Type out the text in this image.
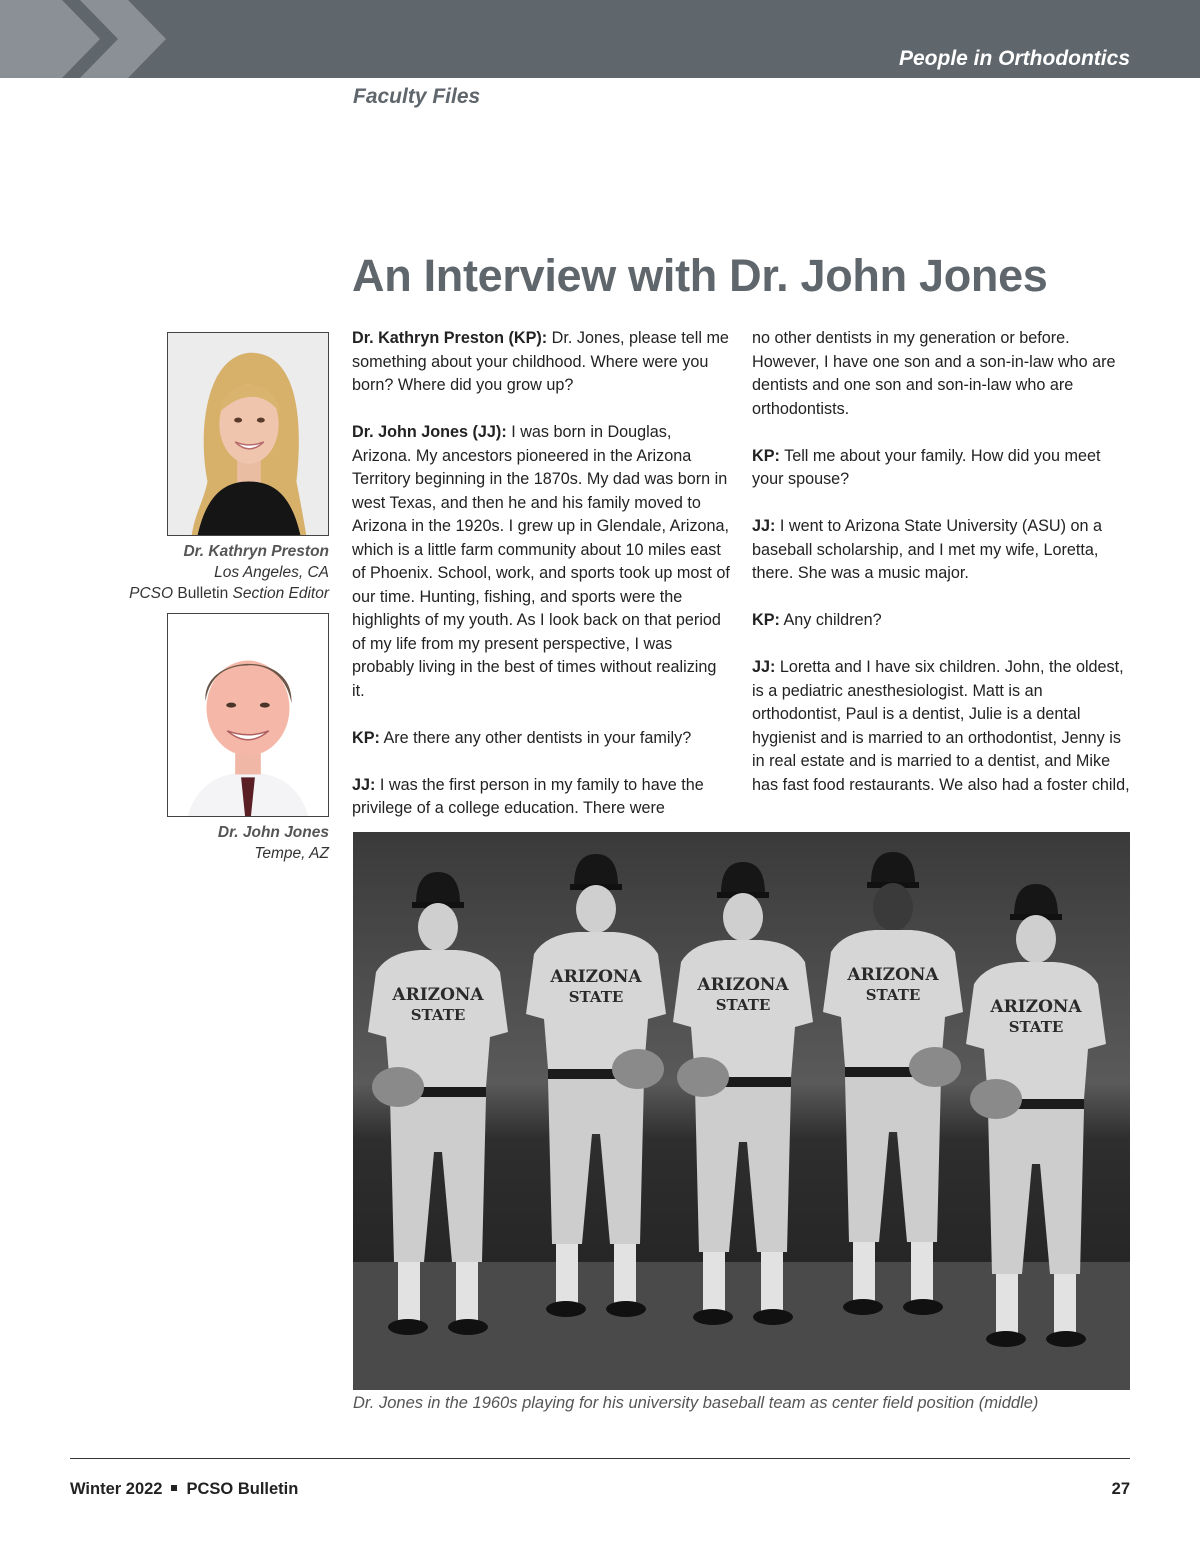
People in Orthodontics
Faculty Files
An Interview with Dr. John Jones
Dr. Kathryn Preston
Los Angeles, CA
PCSO Bulletin Section Editor
Dr. John Jones
Tempe, AZ

Dr. Kathryn Preston (KP): Dr. Jones, please tell me something about your childhood. Where were you born? Where did you grow up?

Dr. John Jones (JJ): I was born in Douglas, Arizona. My ancestors pioneered in the Arizona Territory beginning in the 1870s. My dad was born in west Texas, and then he and his family moved to Arizona in the 1920s. I grew up in Glendale, Arizona, which is a little farm community about 10 miles east of Phoenix. School, work, and sports took up most of our time. Hunting, fishing, and sports were the highlights of my youth. As I look back on that period of my life from my present perspective, I was probably living in the best of times without realizing it.

KP: Are there any other dentists in your family?

JJ: I was the first person in my family to have the privilege of a college education. There were

no other dentists in my generation or before. However, I have one son and a son-in-law who are dentists and one son and son-in-law who are orthodontists.

KP: Tell me about your family. How did you meet your spouse?

JJ: I went to Arizona State University (ASU) on a baseball scholarship, and I met my wife, Loretta, there. She was a music major.

KP: Any children?

JJ: Loretta and I have six children. John, the oldest, is a pediatric anesthesiologist. Matt is an orthodontist, Paul is a dentist, Julie is a dental hygienist and is married to an orthodontist, Jenny is in real estate and is married to a dentist, and Mike has fast food restaurants. We also had a foster child,

ARIZONA
STATE
ARIZONA
STATE
ARIZONA
STATE
ARIZONA
STATE
ARIZONA
STATE
Dr. Jones in the 1960s playing for his university baseball team as center field position (middle)
Winter 2022 PCSO Bulletin	27
